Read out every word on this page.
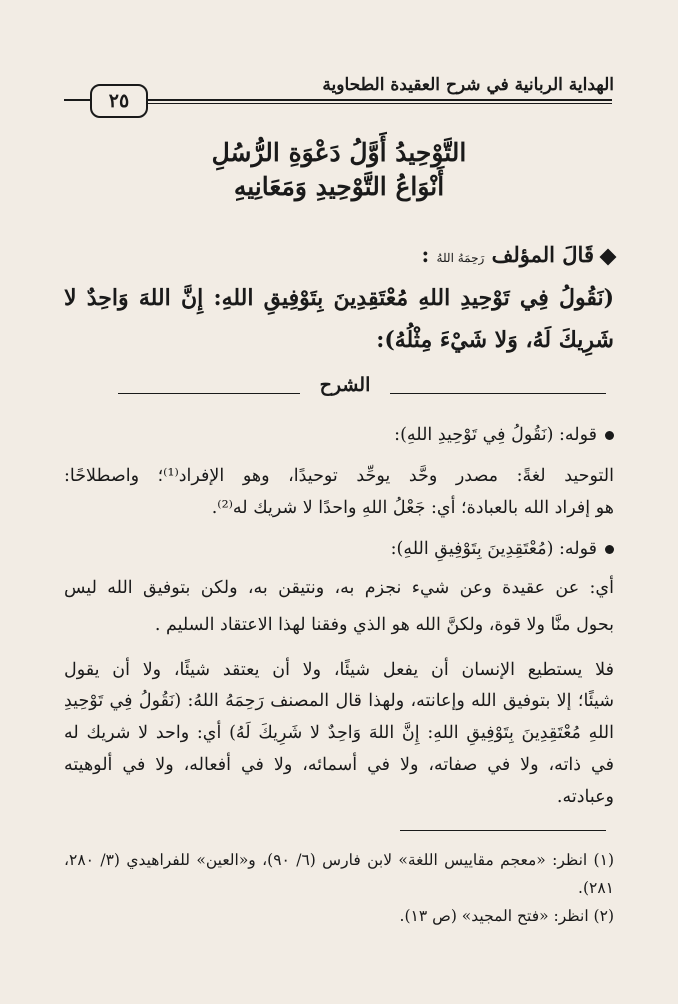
الهداية الربانية في شرح العقيدة الطحاوية
٢٥
التَّوْحِيدُ أَوَّلُ دَعْوَةِ الرُّسُلِ
أَنْوَاعُ التَّوْحِيدِ وَمَعَانِيهِ
قَالَ المؤلف رَحِمَهُ اللهُ :
(نَقُولُ فِي تَوْحِيدِ اللهِ مُعْتَقِدِينَ بِتَوْفِيقِ اللهِ: إِنَّ اللهَ وَاحِدٌ لا
شَرِيكَ لَهُ، وَلا شَيْءَ مِثْلُهُ):
الشرح
قوله: (نَقُولُ فِي تَوْحِيدِ اللهِ):
التوحيد لغةً: مصدر وحَّد يوحِّد توحيدًا، وهو الإفراد⁽¹⁾؛ واصطلاحًا:
هو إفراد الله بالعبادة؛ أي: جَعْلُ اللهِ واحدًا لا شريك له⁽²⁾.
قوله: (مُعْتَقِدِينَ بِتَوْفِيقِ اللهِ):
أي: عن عقيدة وعن شيء نجزم به، ونتيقن به، ولكن بتوفيق الله ليس
بحول منَّا ولا قوة، ولكنَّ الله هو الذي وفقنا لهذا الاعتقاد السليم .
فلا يستطيع الإنسان أن يفعل شيئًا، ولا أن يعتقد شيئًا، ولا أن يقول
شيئًا؛ إلا بتوفيق الله وإعانته، ولهذا قال المصنف رَحِمَهُ اللهُ: (نَقُولُ فِي تَوْحِيدِ
اللهِ مُعْتَقِدِينَ بِتَوْفِيقِ اللهِ: إِنَّ اللهَ وَاحِدٌ لا شَرِيكَ لَهُ) أي: واحد لا شريك له
في ذاته، ولا في صفاته، ولا في أسمائه، ولا في أفعاله، ولا في ألوهيته
وعبادته.
(١) انظر: «معجم مقاييس اللغة» لابن فارس (٦/ ٩٠)، و«العين» للفراهيدي (٣/ ٢٨٠،
٢٨١).
(٢) انظر: «فتح المجيد» (ص ١٣).
